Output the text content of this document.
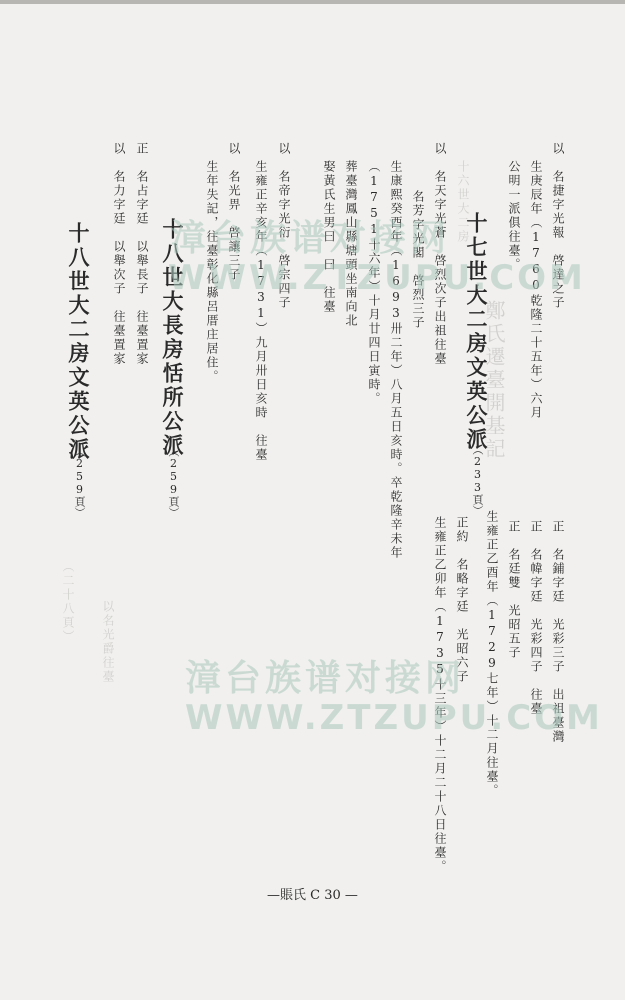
鄭氏遷臺開基記
十六世大二房
以名光爵往臺
（二十八頁）
以　名捷字光報　啓達之子
生庚辰年（1760乾隆二十五年）六月
公明一派俱往臺。
十七世大二房文英公派
（233頁）
以　名天字光蒼　啓烈次子出祖往臺
名芳字光閣　啓烈三子
生康熙癸酉年（1693卅二年）八月五日亥時。卒乾隆辛未年
（1751十六年）十月廿四日寅時。
葬臺灣鳳山縣塘頭坐南向北
娶黃氏生男曰　曰　往臺
以　名帝字光衍　啓宗四子
生雍正辛亥年（1731）九月卅日亥時　往臺
以　名光畀　啓讓三子
生年失記，往臺彰化縣呂厝庄居住。
十八世大長房恬所公派
（259頁）
正　名占字廷　以舉長子　往臺置家
以　名力字廷　以舉次子　往臺置家
十八世大二房文英公派
（259頁）
正　名鋪字廷　光彩三子　出祖臺灣
正　名幃字廷　光彩四子　往臺
正　名廷雙　光昭五子
生雍正乙酉年（1729七年）十二月往臺。
正約　名略字廷　光昭六子
生雍正乙卯年（1735十三年）十二月二十八日往臺。
漳台族谱对接网
WWW.ZTZUPU.COM
漳台族谱对接网
WWW.ZTZUPU.COM
—賬氏 C 30 —
